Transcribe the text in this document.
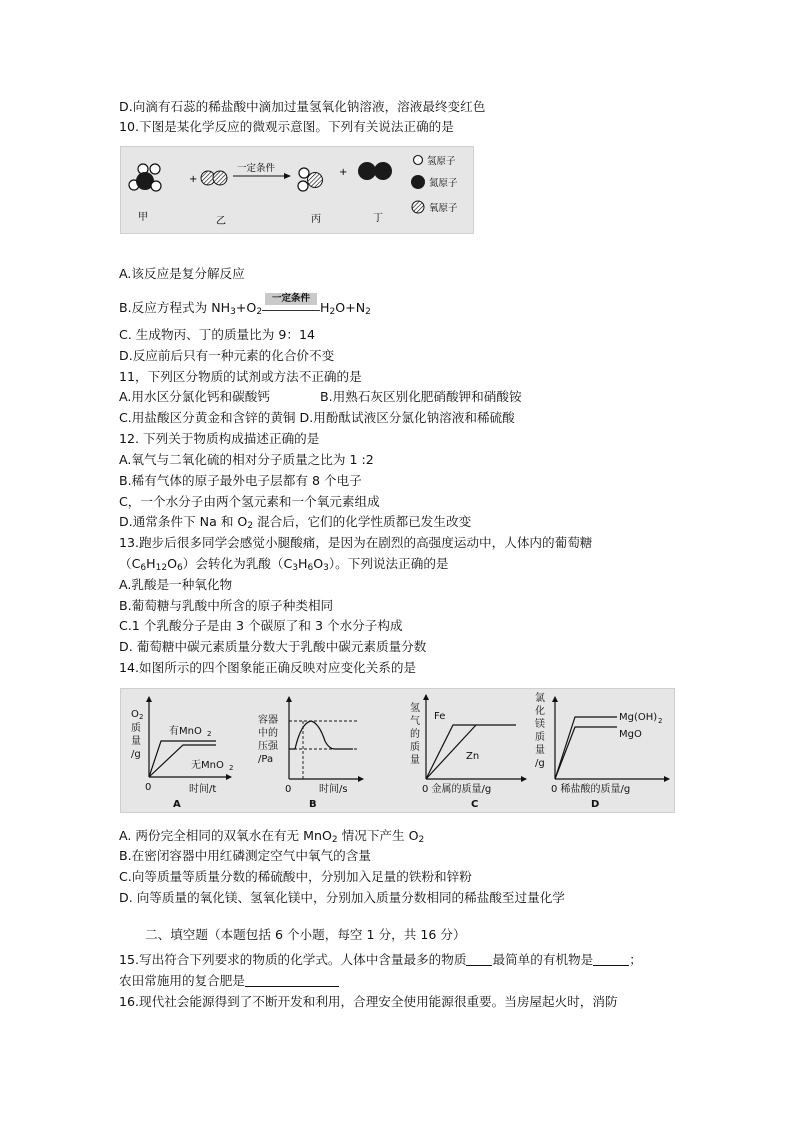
D.向滴有石蕊的稀盐酸中滴加过量氢氧化钠溶液，溶液最终变红色
10.下图是某化学反应的微观示意图。下列有关说法正确的是
+
一定条件	+
氢原子
氮原子
氧原子
甲	乙	丙	丁
A.该反应是复分解反应
B.反应方程式为 $NH_3+O_2$
一定条件
$H_2O+N_2$
C. 生成物丙、丁的质量比为 9：14
D.反应前后只有一种元素的化合价不变
11，下列区分物质的试剂或方法不正确的是
A.用水区分氯化钙和碳酸钙	B.用熟石灰区别化肥硝酸钾和硝酸铵
C.用盐酸区分黄金和含锌的黄铜 D.用酚酞试液区分氯化钠溶液和稀硫酸
12. 下列关于物质构成描述正确的是
A.氧气与二氧化硫的相对分子质量之比为 1 :2
B.稀有气体的原子最外电子层都有 8 个电子
C，一个水分子由两个氢元素和一个氧元素组成
D.通常条件下 Na 和 $O_2$ 混合后，它们的化学性质都已发生改变
13.跑步后很多同学会感觉小腿酸痛，是因为在剧烈的高强度运动中，人体内的葡萄糖
$(C_6H_{12}O_6)$会转化为乳酸$(C_3H_6O_3)$。下列说法正确的是
A.乳酸是一种氧化物
B.葡萄糖与乳酸中所含的原子种类相同
C.1 个乳酸分子是由 3 个碳原了和 3 个水分子构成
D. 葡萄糖中碳元素质量分数大于乳酸中碳元素质量分数
14.如图所示的四个图象能正确反映对应变化关系的是
O 2
质
量
/g
有MnO 2
无MnO 2
0	时间/t
A
容器
中的
压强
/Pa
0	时间/s
B
氢
气
的
质
量
Fe
Zn
0 金属的质量/g
C
氯
化
镁
质
量
/g
Mg(OH) 2
MgO
0 稀盐酸的质量/g
D
A. 两份完全相同的双氧水在有无 MnO$_2$ 情况下产生 $O_2$
B.在密闭容器中用红磷测定空气中氧气的含量
C.向等质量等质量分数的稀硫酸中，分别加入足量的铁粉和锌粉
D. 向等质量的氧化镁、氢氧化镁中，分别加入质量分数相同的稀盐酸至过量化学
二、填空题（本题包括 6 个小题，每空 1 分，共 16 分）
15.写出符合下列要求的物质的化学式。人体中含量最多的物质 最简单的有机物是	；
农田常施用的复合肥是
16.现代社会能源得到了不断开发和利用，合理安全使用能源很重要。当房屋起火时，消防
